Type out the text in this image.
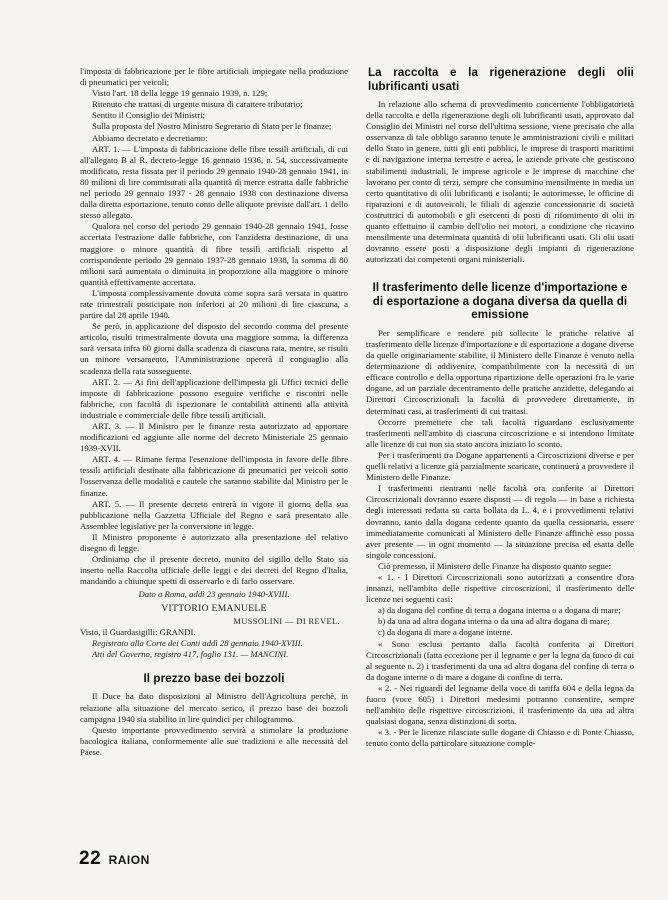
l'imposta di fabbricazione per le fibre artificiali impiegate nella produzione di pneumatici per veicoli;

Visto l'art. 18 della legge 19 gennaio 1939, n. 129;

Ritenuto che trattasi di urgente misura di carattere tributario;

Sentito il Consiglio dei Ministri;

Sulla proposta del Nostro Ministro Segretario di Stato per le finanze;

Abbiamo decretato e decretiamo:

ART. 1. — L'imposta di fabbricazione delle fibre tessili artificiali, di cui all'allegato B al R. decreto-legge 16 gennaio 1936, n. 54, successivamente modificato, resta fissata per il periodo 29 gennaio 1940-28 gennaio 1941, in 80 milioni di lire commisurati alla quantità di merce estratta dalle fabbriche nel periodo 29 gennaio 1937 - 28 gennaio 1938 con destinazione diversa dalla diretta esportazione, tenuto conto delle aliquote previste dall'art. 1 dello stesso allegato.

Qualora nel corso del periodo 29 gennaio 1940-28 gennaio 1941, fosse accertata l'estrazione dalle fabbriche, con l'anzidetta destinazione, di una maggiore o minore quantità di fibre tessili artificiali rispetto al corrispondente periodo 29 gennaio 1937-28 gennaio 1938, la somma di 80 milioni sarà aumentata o diminuita in proporzione alla maggiore o minore quantità effettivamente accertata.

L'imposta complessivamente dovuta come sopra sarà versata in quattro rate trimestrali posticipate non inferiori ai 20 milioni di lire ciascuna, a partire dal 28 aprile 1940.

Se però, in applicazione del disposto del secondo comma del presente articolo, risulti trimestralmente dovuta una maggiore somma, la differenza sarà versata infra 60 giorni dalla scadenza di ciascuna rata, mentre, se risulti un minore versamento, l'Amministrazione opererà il conguaglio alla scadenza della rata susseguente.

ART. 2. — Ai fini dell'applicazione dell'imposta gli Uffici tecnici delle imposte di fabbricazione possono eseguire verifiche e riscontri nelle fabbriche, con facoltà di ispezionare le contabilità attinenti alla attività industriale e commerciale delle fibre tessili artificiali.

ART. 3. — Il Ministro per le finanze resta autorizzato ad apportare modificazioni ed aggiunte alle norme del decreto Ministeriale 25 gennaio 1939-XVII.

ART. 4. — Rimane ferma l'esenzione dell'imposta in favore delle fibre tessili artificiali destinate alla fabbricazione di pneumatici per veicoli sotto l'osservanza delle modalità e cautele che saranno stabilite dal Ministro per le finanze.

ART. 5. — Il presente decreto entrerà in vigore il giorno della sua pubblicazione nella Gazzetta Ufficiale del Regno e sarà presentato alle Assemblee legislative per la conversione in legge.

Il Ministro proponente è autorizzato alla presentazione del relativo disegno di legge.

Ordiniamo che il presente decreto, munito del sigillo dello Stato sia inserto nella Raccolta ufficiale delle leggi e dei decreti del Regno d'Italia, mandando a chiunque spetti di osservarlo e di farlo osservare.

Dato a Roma, addì 23 gennaio 1940-XVIII.

VITTORIO EMANUELE
MUSSOLINI — DI REVEL.

Visto, il Guardasigilli: GRANDI.

Registrato alla Corte dei Conti addì 28 gennaio 1940-XVIII.

Atti del Governo, registro 417, foglio 131. — MANCINI.

Il prezzo base dei bozzoli

Il Duce ha dato disposizioni al Ministro dell'Agricoltura perchè, in relazione alla situazione del mercato serico, il prezzo base dei bozzoli campagna 1940 sia stabilito in lire quindici per chilogrammo.

Questo importante provvedimento servirà a stimolare la produzione bacologica italiana, conformemente alle sue tradizioni e alle necessità del Paese.

La raccolta e la rigenerazione degli olii lubrificanti usati

In relazione allo schema di provvedimento concernente l'obbligatorietà della raccolta e della rigenerazione degli oli lubrificanti usati, approvato dal Consiglio dei Ministri nel corso dell'ultima sessione, viene precisato che alla osservanza di tale obbligo saranno tenute le amministrazioni civili e militari dello Stato in genere, tutti gli enti pubblici, le imprese di trasporti marittimi e di navigazione interna terrestre e aerea, le aziende private che gestiscono stabilimenti industriali, le imprese agricole e le imprese di macchine che lavorano per conto di terzi, sempre che consumino mensilmente in media un certo quantitativo di olii lubrificanti e isolanti; le autorimesse, le officine di riparazioni e di autoveicoli, le filiali di agenzie concessionarie di società costruttrici di automobili e gli esercenti di posti di rifornimento di olii in quanto effettuino il cambio dell'olio nei motori, a condizione che ricavino mensilmente una determinata quantità di olii lubrificanti usati. Gli olii usati dovranno essere posti a disposizione degli impianti di rigenerazione autorizzati dai competenti organi ministeriali.

Il trasferimento delle licenze d'importazione e di esportazione a dogana diversa da quella di emissione

Per semplificare e rendere più sollecite le pratiche relative al trasferimento delle licenze d'importazione e di esportazione a dogane diverse da quelle originariamente stabilite, il Ministero delle Finanze è venuto nella determinazione di addivenire, compatibilmente con la necessità di un efficace controllo e della opportuna ripartizione delle operazioni fra le varie dogane, ad un parziale decentramento delle pratiche anzidette, delegando ai Direttori Circoscrizionali la facoltà di provvedere direttamente, in determinati casi, ai trasferimenti di cui trattasi.

Occorre premettere che tali facoltà riguardano esclusivamente trasferimenti nell'ambito di ciascuna circoscrizione e si intendono limitate alle licenze di cui non sia stato ancora iniziato lo sconto.

Per i trasferimenti tra Dogane appartenenti a Circoscrizioni diverse e per quelli relativi a licenze già parzialmente scaricate, continuerà a provvedere il Ministero delle Finanze.

I trasferimenti rientranti nelle facoltà ora conferite ai Direttori Circoscrizionali dovranno essere disposti — di regola — in base a richiesta degli interessati redatta su carta bollata da L. 4, e i provvedimenti relativi dovranno, tanto dalla dogana cedente quanto da quella cessionaria, essere immediatamente comunicati al Ministero delle Finanze affinchè esso possa aver presente — in ogni momento — la situazione precisa ed esatta delle singole concessioni.

Ciò premesso, il Ministero delle Finanze ha disposto quanto segue:

« 1. - I Direttori Circoscrizionali sono autorizzati a consentire d'ora innanzi, nell'ambito delle rispettive circoscrizioni, il trasferimento delle licenze nei seguenti casi:

a) da dogana del confine di terra a dogana interna o a dogana di mare;

b) da una ad altra dogana interna o da una ad altra dogana di mare;

c) da dogana di mare a dogane interne.

« Sono esclusi pertanto dalla facoltà conferita ai Direttori Circoscrizionali (fatta eccezione per il legname e per la legna da fuoco di cui al seguente n. 2) i trasferimenti da una ad altra dogana del confine di terra o da dogane interne o di mare a dogane di confine di terra.

« 2. - Nei riguardi del legname della voce di tariffa 604 e della legna da fuoco (voce 605) i Direttori medesimi potranno consentire, sempre nell'ambito delle rispettive circoscrizioni, il trasferimento da una ad altra qualsiasi dogana, senza distinzioni di sorta.

« 3. - Per le licenze rilasciate sulle dogane di Chiasso e di Ponte Chiasso, tenuto conto della particolare situazione comple-

22 RAION
